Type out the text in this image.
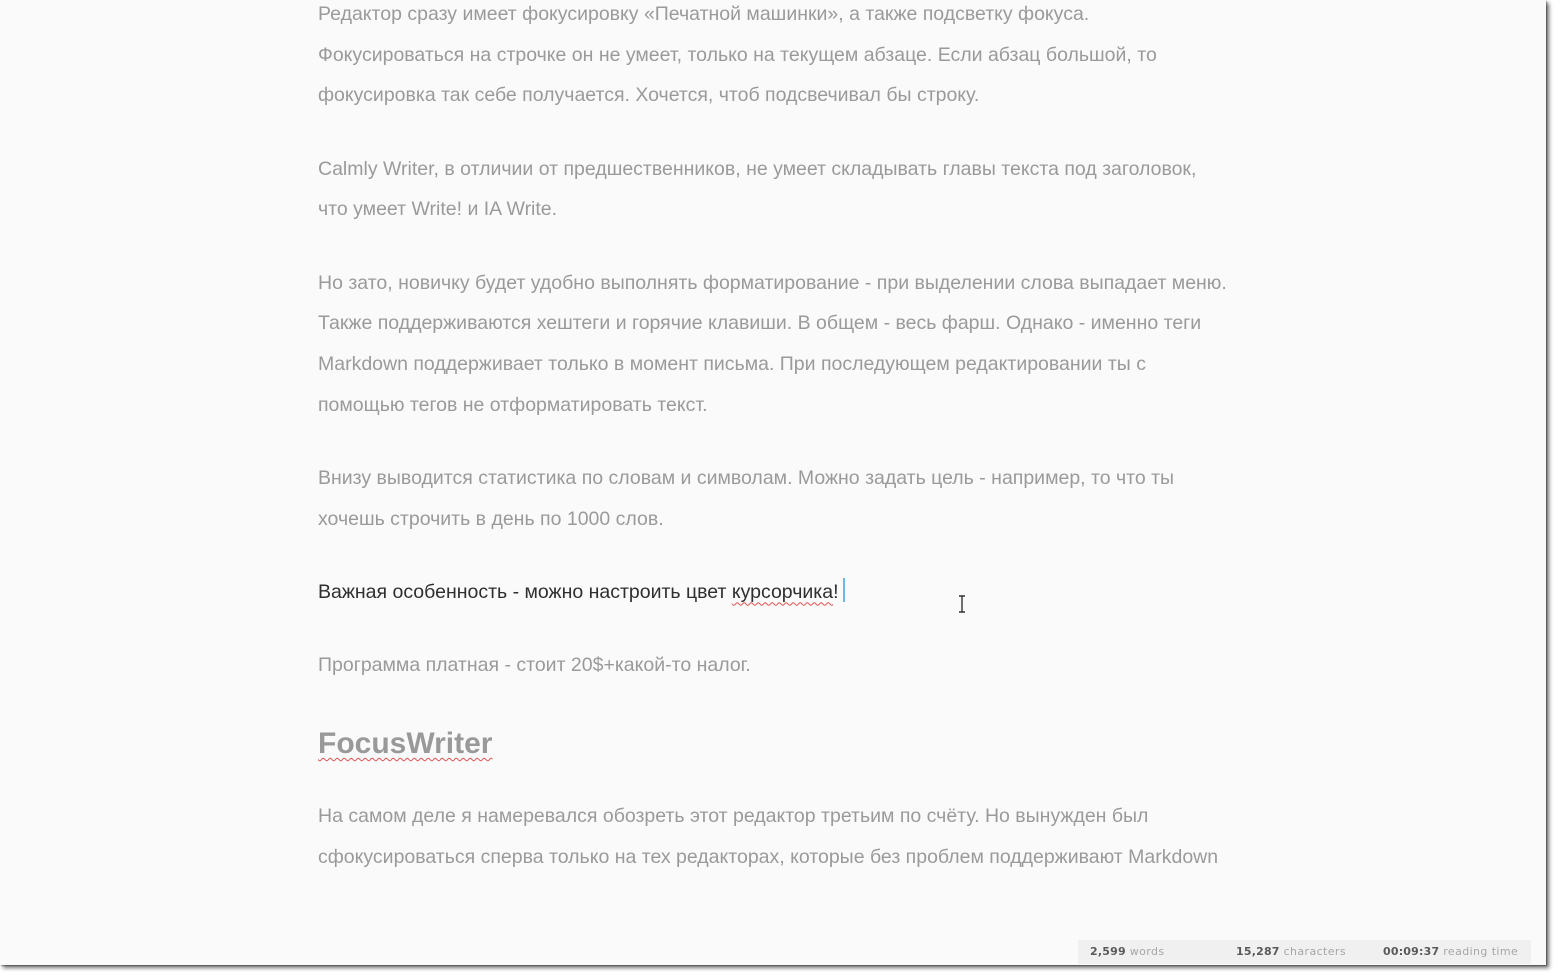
Редактор сразу имеет фокусировку «Печатной машинки», а также подсветку фокуса. Фокусироваться на строчке он не умеет, только на текущем абзаце. Если абзац большой, то фокусировка так себе получается. Хочется, чтоб подсвечивал бы строку.

Calmly Writer, в отличии от предшественников, не умеет складывать главы текста под заголовок, что умеет Write! и IA Write.

Но зато, новичку будет удобно выполнять форматирование - при выделении слова выпадает меню. Также поддерживаются хештеги и горячие клавиши. В общем - весь фарш. Однако - именно теги Markdown поддерживает только в момент письма. При последующем редактировании ты с помощью тегов не отформатировать текст.

Внизу выводится статистика по словам и символам. Можно задать цель - например, то что ты хочешь строчить в день по 1000 слов.

Важная особенность - можно настроить цвет курсорчика!

Программа платная - стоит 20$+какой-то налог.

FocusWriter

На самом деле я намеревался обозреть этот редактор третьим по счёту. Но вынужден был сфокусироваться сперва только на тех редакторах, которые без проблем поддерживают Markdown

2,599 words	15,287 characters	00:09:37 reading time
